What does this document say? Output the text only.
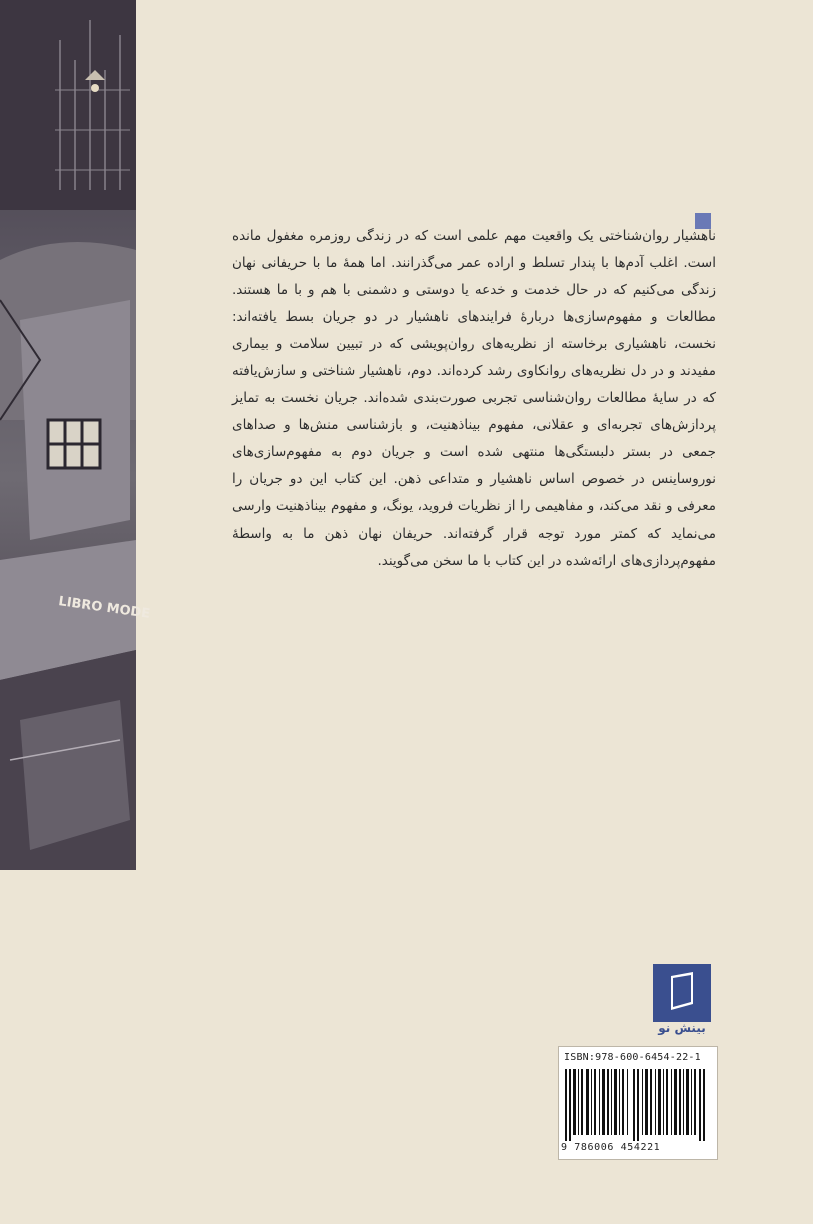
LIBRO MODE

ناهشیار روان‌شناختی یک واقعیت مهم علمی است که در زندگی روزمره مغفول مانده است. اغلب آدم‌ها با پندار تسلط و اراده عمر می‌گذرانند. اما همهٔ ما با حریفانی نهان زندگی می‌کنیم که در حال خدمت و خدعه یا دوستی و دشمنی با هم و با ما هستند. مطالعات و مفهوم‌سازی‌ها دربارهٔ فرایندهای ناهشیار در دو جریان بسط یافته‌اند: نخست، ناهشیاری برخاسته از نظریه‌های روان‌پویشی که در تبیین سلامت و بیماری مفیدند و در دل نظریه‌های روانکاوی رشد کرده‌اند. دوم، ناهشیار شناختی و سازش‌یافته که در سایهٔ مطالعات روان‌شناسی تجربی صورت‌بندی شده‌اند. جریان نخست به تمایز پردازش‌های تجربه‌ای و عقلانی، مفهوم بیناذهنیت، و بازشناسی منش‌ها و صداهای جمعی در بستر دلبستگی‌ها منتهی شده است و جریان دوم به مفهوم‌سازی‌های نوروساینس در خصوص اساس ناهشیار و متداعی ذهن. این کتاب این دو جریان را معرفی و نقد می‌کند، و مفاهیمی را از نظریات فروید، یونگ، و مفهوم بیناذهنیت وارسی می‌نماید که کمتر مورد توجه قرار گرفته‌اند. حریفان نهان ذهن ما به واسطهٔ مفهوم‌پردازی‌های ارائه‌شده در این کتاب با ما سخن می‌گویند.

بینش نو
ISBN:978-600-6454-22-1
9 786006 454221
